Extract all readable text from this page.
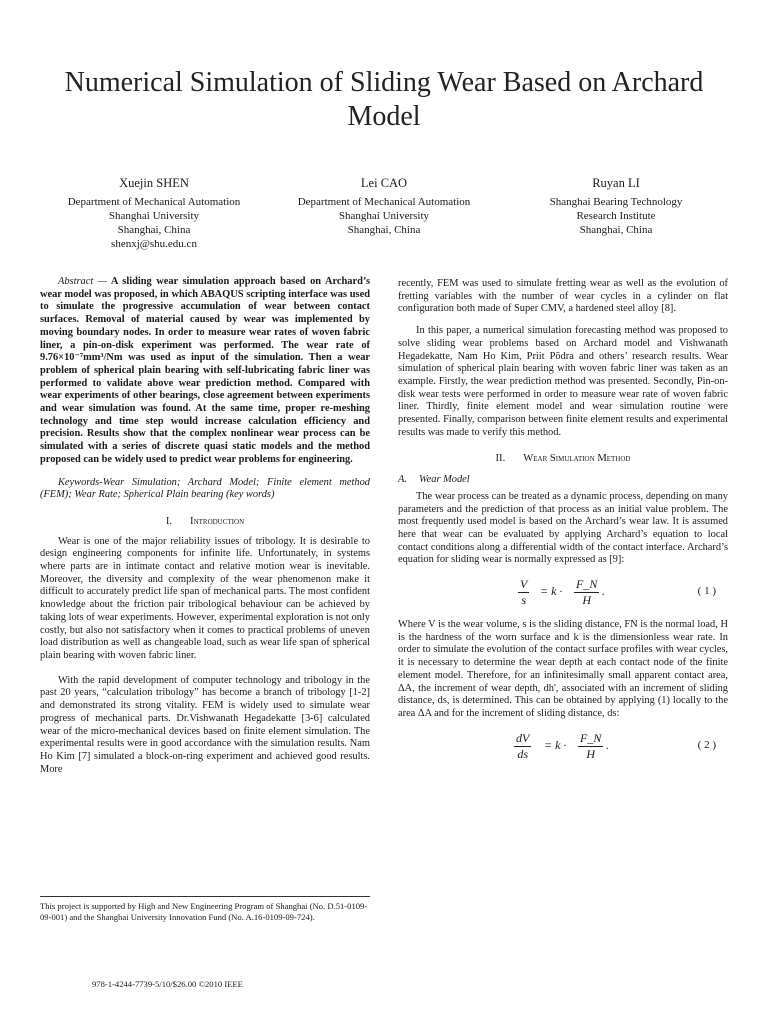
Numerical Simulation of Sliding Wear Based on Archard Model
Xuejin SHEN
Department of Mechanical Automation
Shanghai University
Shanghai, China
shenxj@shu.edu.cn
Lei CAO
Department of Mechanical Automation
Shanghai University
Shanghai, China
Ruyan LI
Shanghai Bearing Technology
Research Institute
Shanghai, China

Abstract — A sliding wear simulation approach based on Archard’s wear model was proposed, in which ABAQUS scripting interface was used to simulate the progressive accumulation of wear between contact surfaces. Removal of material caused by wear was implemented by moving boundary nodes. In order to measure wear rates of woven fabric liner, a pin-on-disk experiment was performed. The wear rate of 9.76×10⁻⁷mm³/Nm was used as input of the simulation. Then a wear problem of spherical plain bearing with self-lubricating fabric liner was performed to validate above wear prediction method. Compared with wear experiments of other bearings, close agreement between experiments and wear simulation was found. At the same time, proper re-meshing technology and time step would increase calculation efficiency and precision. Results show that the complex nonlinear wear process can be simulated with a series of discrete quasi static models and the method proposed can be widely used to predict wear problems for engineering.

Keywords-Wear Simulation; Archard Model; Finite element method (FEM); Wear Rate; Spherical Plain bearing (key words)

I. Introduction

Wear is one of the major reliability issues of tribology. It is desirable to design engineering components for infinite life. Unfortunately, in systems where parts are in intimate contact and relative motion wear is inevitable. Moreover, the diversity and complexity of the wear phenomenon make it difficult to accurately predict life span of mechanical parts. The most confident knowledge about the friction pair tribological behaviour can be achieved by taking lots of wear experiments. However, experimental exploration is not only costly, but also not satisfactory when it comes to practical problems of uneven load distribution as well as changeable load, such as wear life span of spherical plain bearing with woven fabric liner.

With the rapid development of computer technology and tribology in the past 20 years, “calculation tribology” has become a branch of tribology [1-2] and demonstrated its strong vitality. FEM is widely used to simulate wear progress of mechanical parts. Dr.Vishwanath Hegadekatte [3-6] calculated wear of the micro-mechanical devices based on finite element simulation. The experimental results were in good accordance with the simulation results. Nam Ho Kim [7] simulated a block-on-ring experiment and achieved good results. More

recently, FEM was used to simulate fretting wear as well as the evolution of fretting variables with the number of wear cycles in a cylinder on flat configuration both made of Super CMV, a hardened steel alloy [8].

In this paper, a numerical simulation forecasting method was proposed to solve sliding wear problems based on Archard model and Vishwanath Hegadekatte, Nam Ho Kim, Priit Põdra and others’ research results. Wear simulation of spherical plain bearing with woven fabric liner was taken as an example. Firstly, the wear prediction method was presented. Secondly, Pin-on-disk wear tests were performed in order to measure wear rate of woven fabric liner. Thirdly, finite element model and wear simulation routine were presented. Finally, comparison between finite element results and experimental results was made to verify this method.

II. Wear Simulation Method

A. Wear Model

The wear process can be treated as a dynamic process, depending on many parameters and the prediction of that process as an initial value problem. The most frequently used model is based on the Archard’s wear law. It is assumed here that wear can be evaluated by applying Archard’s equation to local contact conditions along a differential width of the contact interface. Archard’s equation for sliding wear is normally expressed as [9]:

$\frac{V}{s} = k \cdot \frac{F\_N}{H}$ .	( 1 )

Where V is the wear volume, s is the sliding distance, FN is the normal load, H is the hardness of the worn surface and k is the dimensionless wear rate. In order to simulate the evolution of the contact surface profiles with wear cycles, it is necessary to determine the wear depth at each contact node of the finite element model. Therefore, for an infinitesimally small apparent contact area, ΔA, the increment of wear depth, dh', associated with an increment of sliding distance, ds, is determined. This can be obtained by applying (1) locally to the area ΔA and for the increment of sliding distance, ds:

$\frac{dV}{ds} = k \cdot \frac{F\_N}{H}$ .	( 2 )
This project is supported by High and New Engineering Program of Shanghai (No. D.51-0109-09-001) and the Shanghai University Innovation Fund (No. A.16-0109-09-724).
978-1-4244-7739-5/10/$26.00 ©2010 IEEE
